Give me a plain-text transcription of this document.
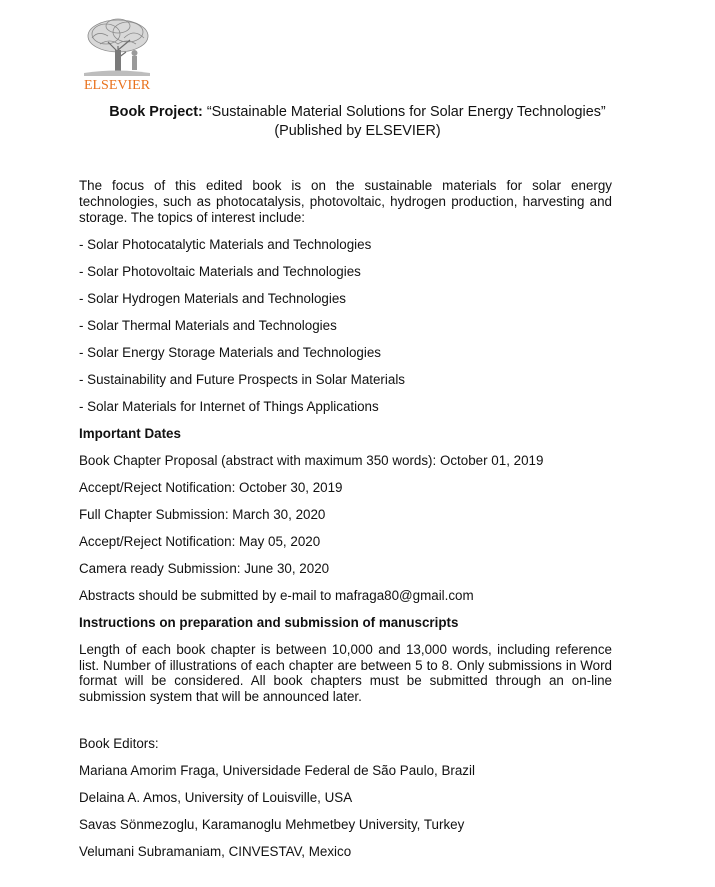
ELSEVIER
Book Project: “Sustainable Material Solutions for Solar Energy Technologies”
(Published by ELSEVIER)

The focus of this edited book is on the sustainable materials for solar energy technologies, such as photocatalysis, photovoltaic, hydrogen production, harvesting and storage. The topics of interest include:

- Solar Photocatalytic Materials and Technologies
- Solar Photovoltaic Materials and Technologies
- Solar Hydrogen Materials and Technologies
- Solar Thermal Materials and Technologies
- Solar Energy Storage Materials and Technologies
- Sustainability and Future Prospects in Solar Materials
- Solar Materials for Internet of Things Applications
Important Dates
Book Chapter Proposal (abstract with maximum 350 words): October 01, 2019
Accept/Reject Notification: October 30, 2019
Full Chapter Submission: March 30, 2020
Accept/Reject Notification: May 05, 2020
Camera ready Submission: June 30, 2020
Abstracts should be submitted by e-mail to mafraga80@gmail.com
Instructions on preparation and submission of manuscripts

Length of each book chapter is between 10,000 and 13,000 words, including reference list. Number of illustrations of each chapter are between 5 to 8. Only submissions in Word format will be considered. All book chapters must be submitted through an on-line submission system that will be announced later.

Book Editors:
Mariana Amorim Fraga, Universidade Federal de São Paulo, Brazil
Delaina A. Amos, University of Louisville, USA
Savas Sönmezoglu, Karamanoglu Mehmetbey University, Turkey
Velumani Subramaniam, CINVESTAV, Mexico
